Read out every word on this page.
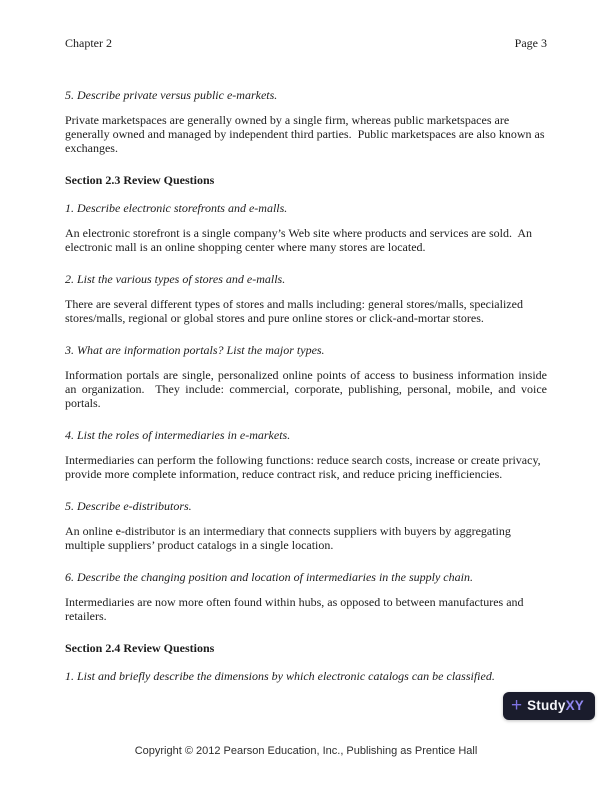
Chapter 2	Page 3

5. Describe private versus public e-markets.

Private marketspaces are generally owned by a single firm, whereas public marketspaces are generally owned and managed by independent third parties.  Public marketspaces are also known as exchanges.

Section 2.3 Review Questions

1. Describe electronic storefronts and e-malls.

An electronic storefront is a single company’s Web site where products and services are sold.  An electronic mall is an online shopping center where many stores are located.

2. List the various types of stores and e-malls.

There are several different types of stores and malls including: general stores/malls, specialized stores/malls, regional or global stores and pure online stores or click-and-mortar stores.

3. What are information portals? List the major types.

Information portals are single, personalized online points of access to business information inside an organization.  They include: commercial, corporate, publishing, personal, mobile, and voice portals.

4. List the roles of intermediaries in e-markets.

Intermediaries can perform the following functions: reduce search costs, increase or create privacy, provide more complete information, reduce contract risk, and reduce pricing inefficiencies.

5. Describe e-distributors.

An online e-distributor is an intermediary that connects suppliers with buyers by aggregating multiple suppliers’ product catalogs in a single location.

6. Describe the changing position and location of intermediaries in the supply chain.

Intermediaries are now more often found within hubs, as opposed to between manufactures and retailers.

Section 2.4 Review Questions

1. List and briefly describe the dimensions by which electronic catalogs can be classified.

+ StudyXY
Copyright © 2012 Pearson Education, Inc., Publishing as Prentice Hall
